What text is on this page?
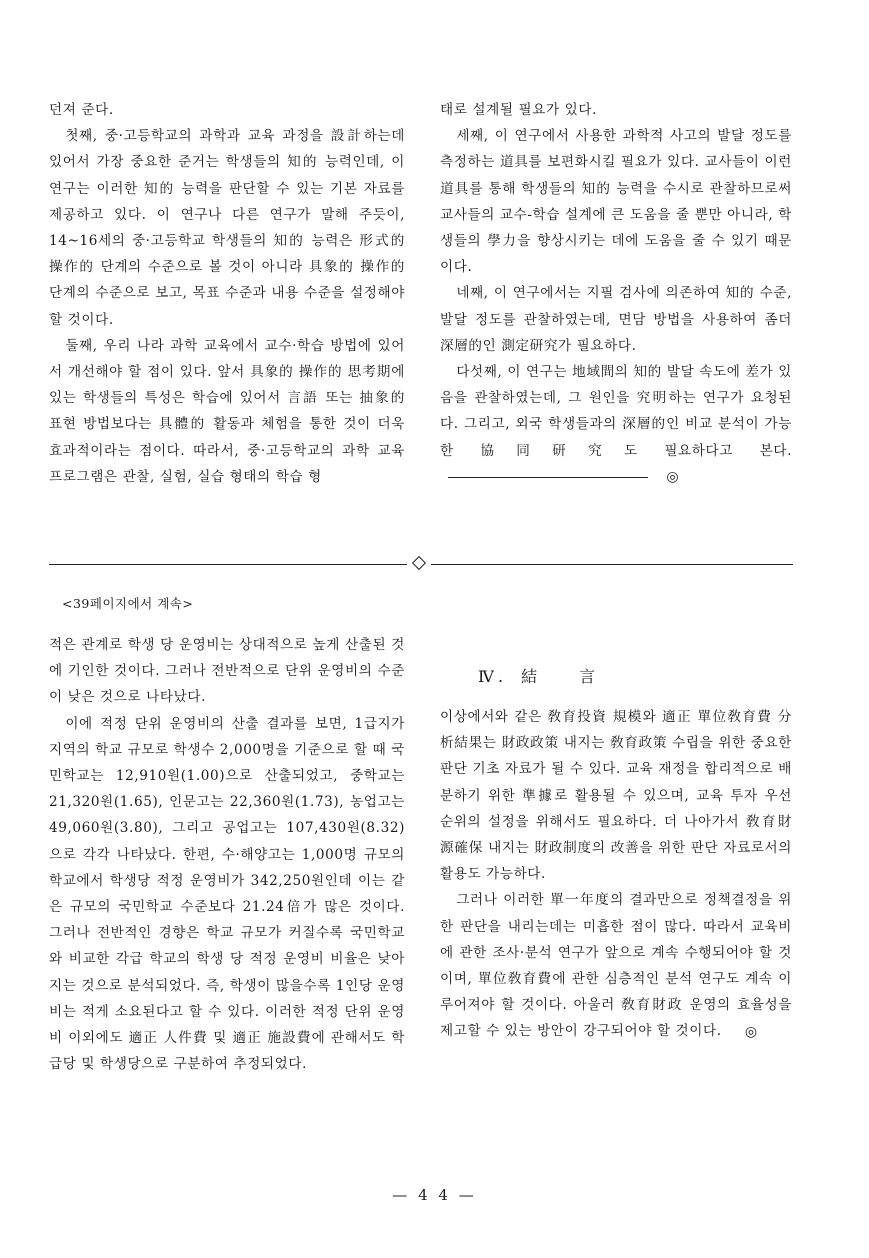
던져 준다.

첫째, 중·고등학교의 과학과 교육 과정을 設計하는데 있어서 가장 중요한 준거는 학생들의 知的 능력인데, 이 연구는 이러한 知的 능력을 판단할 수 있는 기본 자료를 제공하고 있다. 이 연구나 다른 연구가 말해 주듯이, 14~16세의 중·고등학교 학생들의 知的 능력은 形式的 操作的 단계의 수준으로 볼 것이 아니라 具象的 操作的 단계의 수준으로 보고, 목표 수준과 내용 수준을 설정해야 할 것이다.

둘째, 우리 나라 과학 교육에서 교수·학습 방법에 있어서 개선해야 할 점이 있다. 앞서 具象的 操作的 思考期에 있는 학생들의 특성은 학습에 있어서 言語 또는 抽象的 표현 방법보다는 具體的 활동과 체험을 통한 것이 더욱 효과적이라는 점이다. 따라서, 중·고등학교의 과학 교육 프로그램은 관찰, 실험, 실습 형태의 학습 형

태로 설계될 필요가 있다.

세째, 이 연구에서 사용한 과학적 사고의 발달 정도를 측정하는 道具를 보편화시킬 필요가 있다. 교사들이 이런 道具를 통해 학생들의 知的 능력을 수시로 관찰하므로써 교사들의 교수-학습 설계에 큰 도움을 줄 뿐만 아니라, 학생들의 學力을 향상시키는 데에 도움을 줄 수 있기 때문이다.

네째, 이 연구에서는 지필 검사에 의존하여 知的 수준, 발달 정도를 관찰하였는데, 면담 방법을 사용하여 좀더 深層的인 測定研究가 필요하다.

다섯째, 이 연구는 地域間의 知的 발달 속도에 差가 있음을 관찰하였는데, 그 원인을 究明하는 연구가 요청된다. 그리고, 외국 학생들과의 深層的인 비교 분석이 가능한 協同研究도 필요하다고 본다.◎

<39페이지에서 계속>

적은 관계로 학생 당 운영비는 상대적으로 높게 산출된 것에 기인한 것이다. 그러나 전반적으로 단위 운영비의 수준이 낮은 것으로 나타났다.

이에 적정 단위 운영비의 산출 결과를 보면, 1급지가 지역의 학교 규모로 학생수 2,000명을 기준으로 할 때 국민학교는 12,910원(1.00)으로 산출되었고, 중학교는 21,320원(1.65), 인문고는 22,360원(1.73), 농업고는 49,060원(3.80), 그리고 공업고는 107,430원(8.32)으로 각각 나타났다. 한편, 수·해양고는 1,000명 규모의 학교에서 학생당 적정 운영비가 342,250원인데 이는 같은 규모의 국민학교 수준보다 21.24倍가 많은 것이다. 그러나 전반적인 경향은 학교 규모가 커질수록 국민학교와 비교한 각급 학교의 학생 당 적정 운영비 비율은 낮아지는 것으로 분석되었다. 즉, 학생이 많을수록 1인당 운영비는 적게 소요된다고 할 수 있다. 이러한 적정 단위 운영비 이외에도 適正 人件費 및 適正 施設費에 관해서도 학급당 및 학생당으로 구분하여 추정되었다.

Ⅳ. 結 言

이상에서와 같은 敎育投資 規模와 適正 單位敎育費 分析結果는 財政政策 내지는 敎育政策 수립을 위한 중요한 판단 기초 자료가 될 수 있다. 교육 재정을 합리적으로 배분하기 위한 準據로 활용될 수 있으며, 교육 투자 우선 순위의 설정을 위해서도 필요하다. 더 나아가서 敎育財源確保 내지는 財政制度의 改善을 위한 판단 자료로서의 활용도 가능하다.

그러나 이러한 單一年度의 결과만으로 정책결정을 위한 판단을 내리는데는 미흡한 점이 많다. 따라서 교육비에 관한 조사·분석 연구가 앞으로 계속 수행되어야 할 것이며, 單位敎育費에 관한 심층적인 분석 연구도 계속 이루어져야 할 것이다. 아울러 敎育財政 운영의 효율성을 제고할 수 있는 방안이 강구되어야 할 것이다. ◎

— 4 4 —
